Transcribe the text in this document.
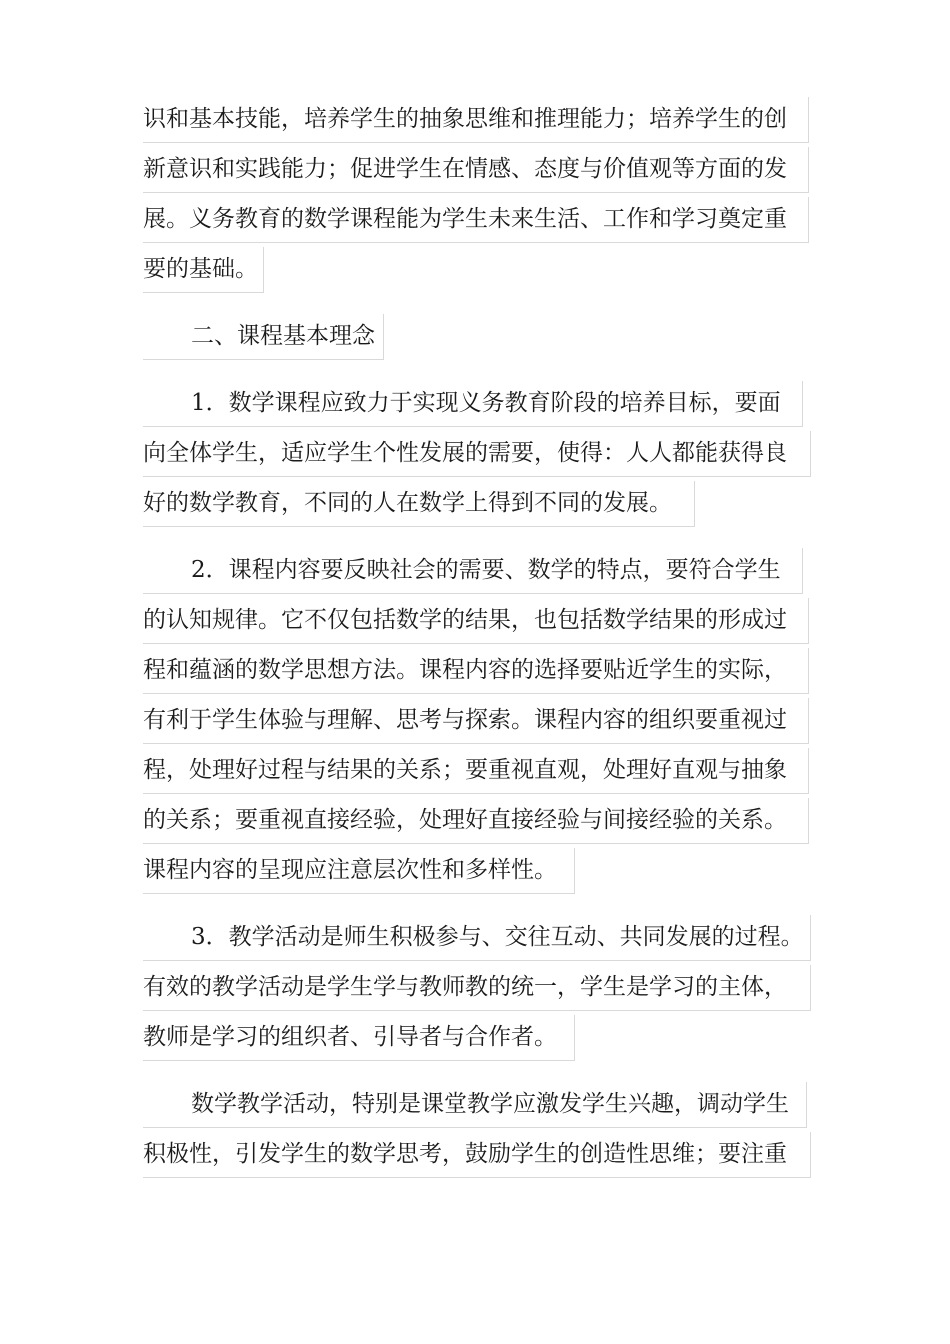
识和基本技能，培养学生的抽象思维和推理能力；培养学生的创
新意识和实践能力；促进学生在情感、态度与价值观等方面的发
展。义务教育的数学课程能为学生未来生活、工作和学习奠定重
要的基础。
二、课程基本理念
1．数学课程应致力于实现义务教育阶段的培养目标，要面
向全体学生，适应学生个性发展的需要，使得：人人都能获得良
好的数学教育，不同的人在数学上得到不同的发展。
2．课程内容要反映社会的需要、数学的特点，要符合学生
的认知规律。它不仅包括数学的结果，也包括数学结果的形成过
程和蕴涵的数学思想方法。课程内容的选择要贴近学生的实际，
有利于学生体验与理解、思考与探索。课程内容的组织要重视过
程，处理好过程与结果的关系；要重视直观，处理好直观与抽象
的关系；要重视直接经验，处理好直接经验与间接经验的关系。
课程内容的呈现应注意层次性和多样性。
3．教学活动是师生积极参与、交往互动、共同发展的过程。
有效的教学活动是学生学与教师教的统一，学生是学习的主体，
教师是学习的组织者、引导者与合作者。
数学教学活动，特别是课堂教学应激发学生兴趣，调动学生
积极性，引发学生的数学思考，鼓励学生的创造性思维；要注重
